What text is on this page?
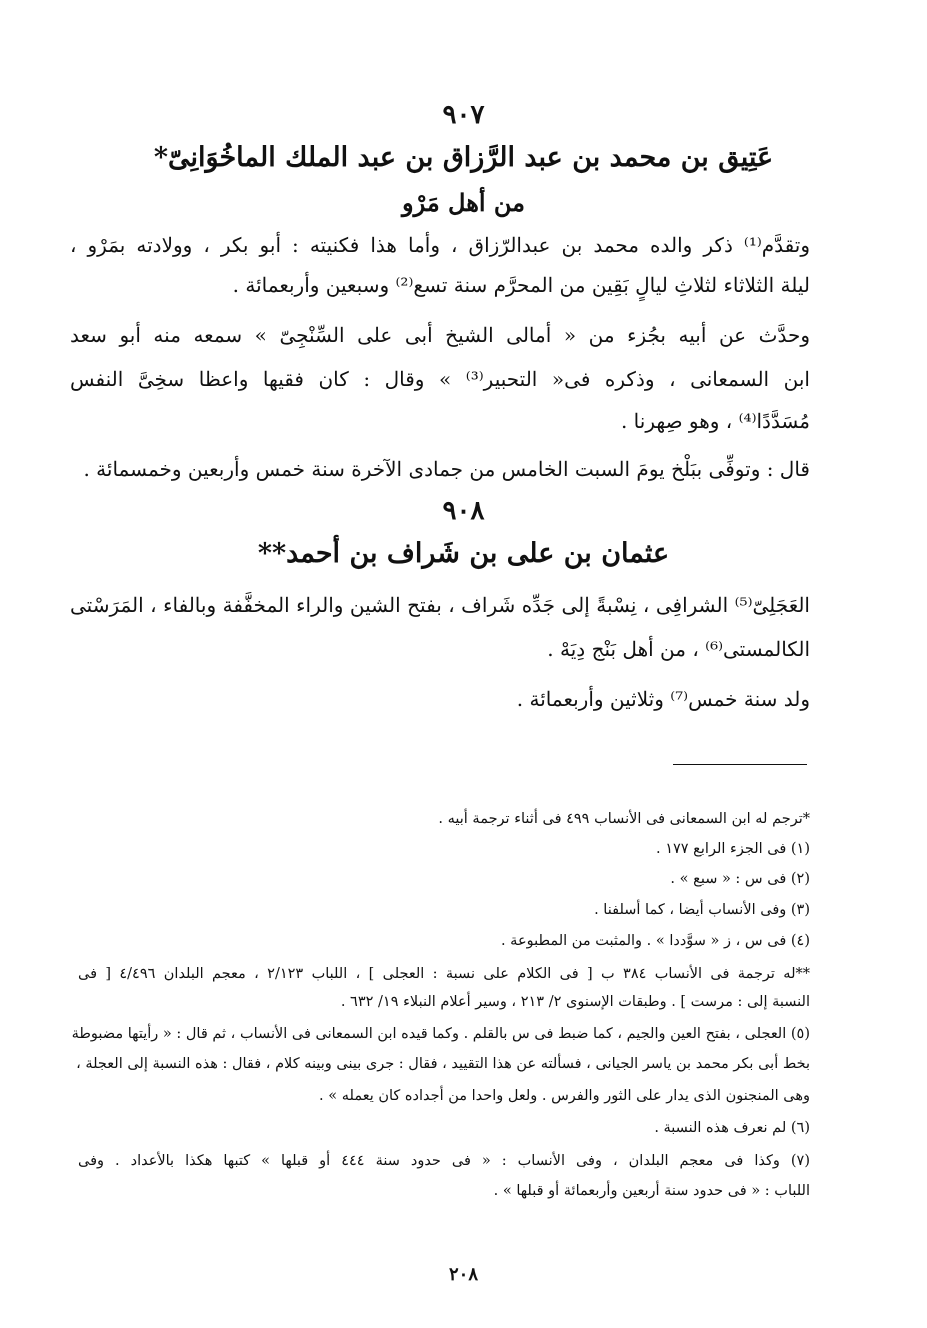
٩٠٧
عَتِيق بن محمد بن عبد الرَّزاق بن عبد الملك الماخُوَانِىّ*
من أهل مَرْو
وتقدَّم⁽¹⁾ ذكر والده محمد بن عبدالرّزاق ، وأما هذا فكنيته : أبو بكر ، وولادته بمَرْو ،
ليلة الثلاثاء لثلاثِ ليالٍ بَقِين من المحرَّم سنة تسع⁽²⁾ وسبعين وأربعمائة .
وحدَّث عن أبيه بجُزء من « أمالى الشيخ أبى على السِّنْجِىّ » سمعه منه أبو سعد
ابن السمعانى ، وذكره فى« التحبير⁽³⁾ » وقال : كان فقيها واعظا سخِىَّ النفس
مُسَدَّدًا⁽⁴⁾ ، وهو صِهرنا .
قال : وتوفِّى ببَلْخ يومَ السبت الخامس من جمادى الآخرة سنة خمس وأربعين وخمسمائة .
٩٠٨
عثمان بن على بن شَراف بن أحمد**
العَجَلِىّ⁽⁵⁾ الشرافِى ، نِسْبةً إلى جَدِّه شَراف ، بفتح الشين والراء المخفَّفة وبالفاء ، المَرَسْتى
الكالمستى⁽⁶⁾ ، من أهل بَنْج دِيَهْ .
ولد سنة خمس⁽⁷⁾ وثلاثين وأربعمائة .
*ترجم له ابن السمعانى فى الأنساب ٤٩٩ فى أثناء ترجمة أبيه .
(١) فى الجزء الرابع ١٧٧ .
(٢) فى س : « سبع » .
(٣) وفى الأنساب أيضا ، كما أسلفنا .
(٤) فى س ، ز « سوَّددا » . والمثبت من المطبوعة .
**له ترجمة فى الأنساب ٣٨٤ ب [ فى الكلام على نسبة : العجلى ] ، اللباب ٢/١٢٣ ، معجم البلدان ٤/٤٩٦ [ فى
النسبة إلى : مرست ] . وطبقات الإسنوى ٢/ ٢١٣ ، وسير أعلام النبلاء ١٩/ ٦٣٢ .
(٥) العجلى ، بفتح العين والجيم ، كما ضبط فى س بالقلم . وكما قيده ابن السمعانى فى الأنساب ، ثم قال : « رأيتها مضبوطة
بخط أبى بكر محمد بن ياسر الجيانى ، فسألته عن هذا التقييد ، فقال : جرى بينى وبينه كلام ، فقال : هذه النسبة إلى العجلة ،
وهى المنجنون الذى يدار على الثور والفرس . ولعل واحدا من أجداده كان يعمله » .
(٦) لم نعرف هذه النسبة .
(٧) وكذا فى معجم البلدان ، وفى الأنساب : « فى حدود سنة ٤٤٤ أو قبلها » كتبها هكذا بالأعداد . وفى
اللباب : « فى حدود سنة أربعين وأربعمائة أو قبلها » .
٢٠٨
